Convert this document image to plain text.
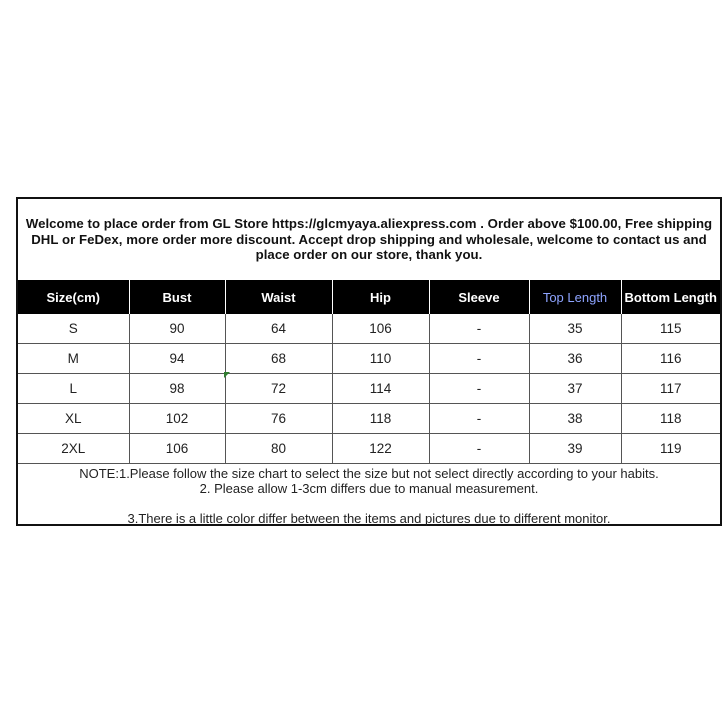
Welcome to place order from GL Store https://glcmyaya.aliexpress.com . Order above $100.00, Free shipping
DHL or FeDex, more order more discount. Accept drop shipping and wholesale, welcome to contact us and
place order on our store, thank you.
Size(cm)	Bust	Waist	Hip	Sleeve	Top Length	Bottom Length
S	90	64	106	-	35	115
M	94	68	110	-	36	116
L	98	72	114	-	37	117
XL	102	76	118	-	38	118
2XL	106	80	122	-	39	119
NOTE:1.Please follow the size chart to select the size but not select directly according to your habits.
2. Please allow 1-3cm differs due to manual measurement.
3.There is a little color differ between the items and pictures due to different monitor.
